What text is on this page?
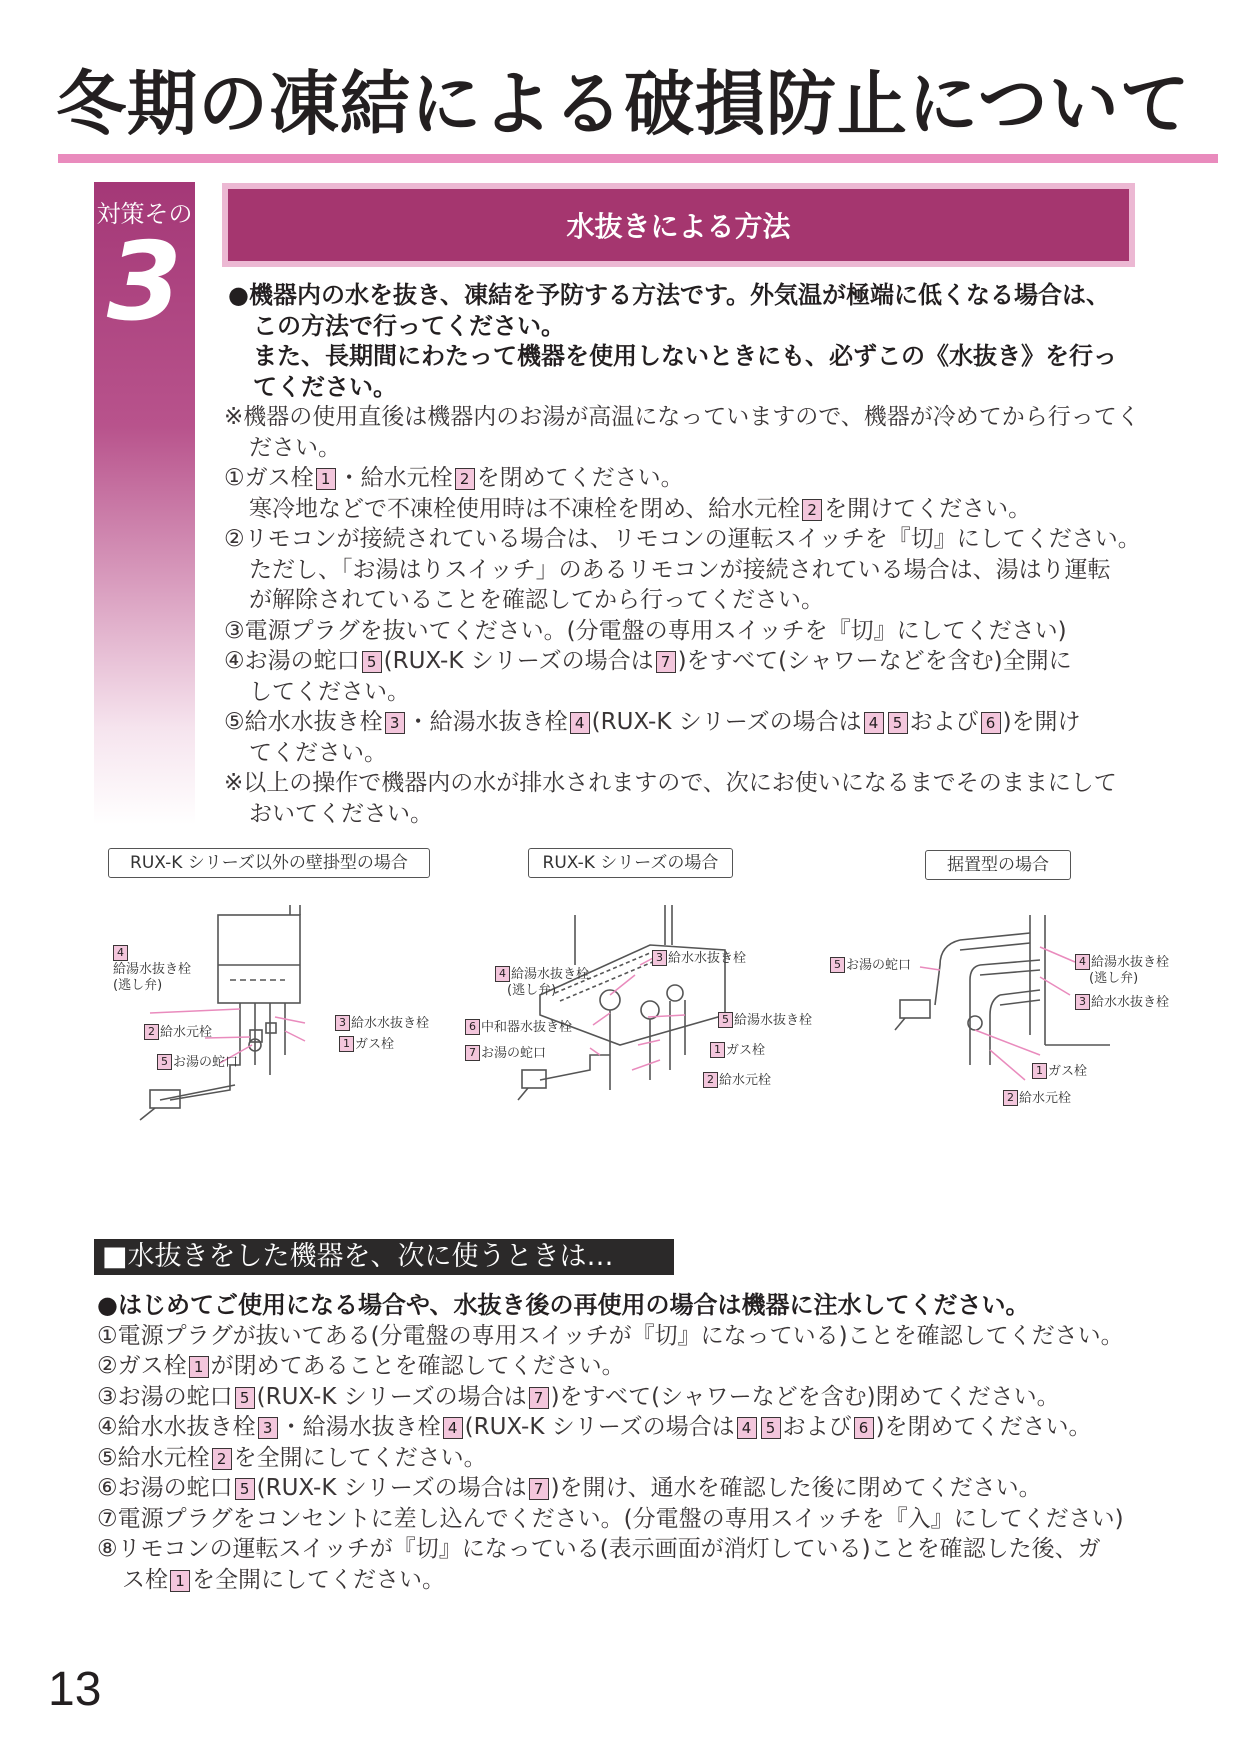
冬期の凍結による破損防止について
対策その
3	水抜きによる方法
●機器内の水を抜き、凍結を予防する方法です。外気温が極端に低くなる場合は、
この方法で行ってください。
また、長期間にわたって機器を使用しないときにも、必ずこの《水抜き》を行っ
てください。
※機器の使用直後は機器内のお湯が高温になっていますので、機器が冷めてから行ってく
ださい。
①ガス栓 1 ・給水元栓 2 を閉めてください。
寒冷地などで不凍栓使用時は不凍栓を閉め、給水元栓 2 を開けてください。
②リモコンが接続されている場合は、リモコンの運転スイッチを『切』にしてください。
ただし、「お湯はりスイッチ」のあるリモコンが接続されている場合は、湯はり運転
が解除されていることを確認してから行ってください。
③電源プラグを抜いてください。(分電盤の専用スイッチを『切』にしてください)
④お湯の蛇口 5 (RUX-K シリーズの場合は 7 )をすべて(シャワーなどを含む)全開に
してください。
⑤給水水抜き栓 3 ・給湯水抜き栓 4 (RUX-K シリーズの場合は 4 5 および 6 )を開け
てください。
※以上の操作で機器内の水が排水されますので、次にお使いになるまでそのままにして
おいてください。
RUX-K シリーズ以外の壁掛型の場合	RUX-K シリーズの場合	据置型の場合
4
給湯水抜き栓
(逃し弁)
2 給水元栓
5 お湯の蛇口
3 給水水抜き栓
1 ガス栓
4 給湯水抜き栓
(逃し弁)
3 給水水抜き栓
6 中和器水抜き栓
5 給湯水抜き栓
7 お湯の蛇口	1 ガス栓
2 給水元栓
5 お湯の蛇口	4 給湯水抜き栓
(逃し弁)
3 給水水抜き栓
1 ガス栓
2 給水元栓
■水抜きをした機器を、次に使うときは…
●はじめてご使用になる場合や、水抜き後の再使用の場合は機器に注水してください。
①電源プラグが抜いてある(分電盤の専用スイッチが『切』になっている)ことを確認してください。
②ガス栓 1 が閉めてあることを確認してください。
③お湯の蛇口 5 (RUX-K シリーズの場合は 7 )をすべて(シャワーなどを含む)閉めてください。
④給水水抜き栓 3 ・給湯水抜き栓 4 (RUX-K シリーズの場合は 4 5 および 6 )を閉めてください。
⑤給水元栓 2 を全開にしてください。
⑥お湯の蛇口 5 (RUX-K シリーズの場合は 7 )を開け、通水を確認した後に閉めてください。
⑦電源プラグをコンセントに差し込んでください。(分電盤の専用スイッチを『入』にしてください)
⑧リモコンの運転スイッチが『切』になっている(表示画面が消灯している)ことを確認した後、ガ
ス栓 1 を全開にしてください。
13
